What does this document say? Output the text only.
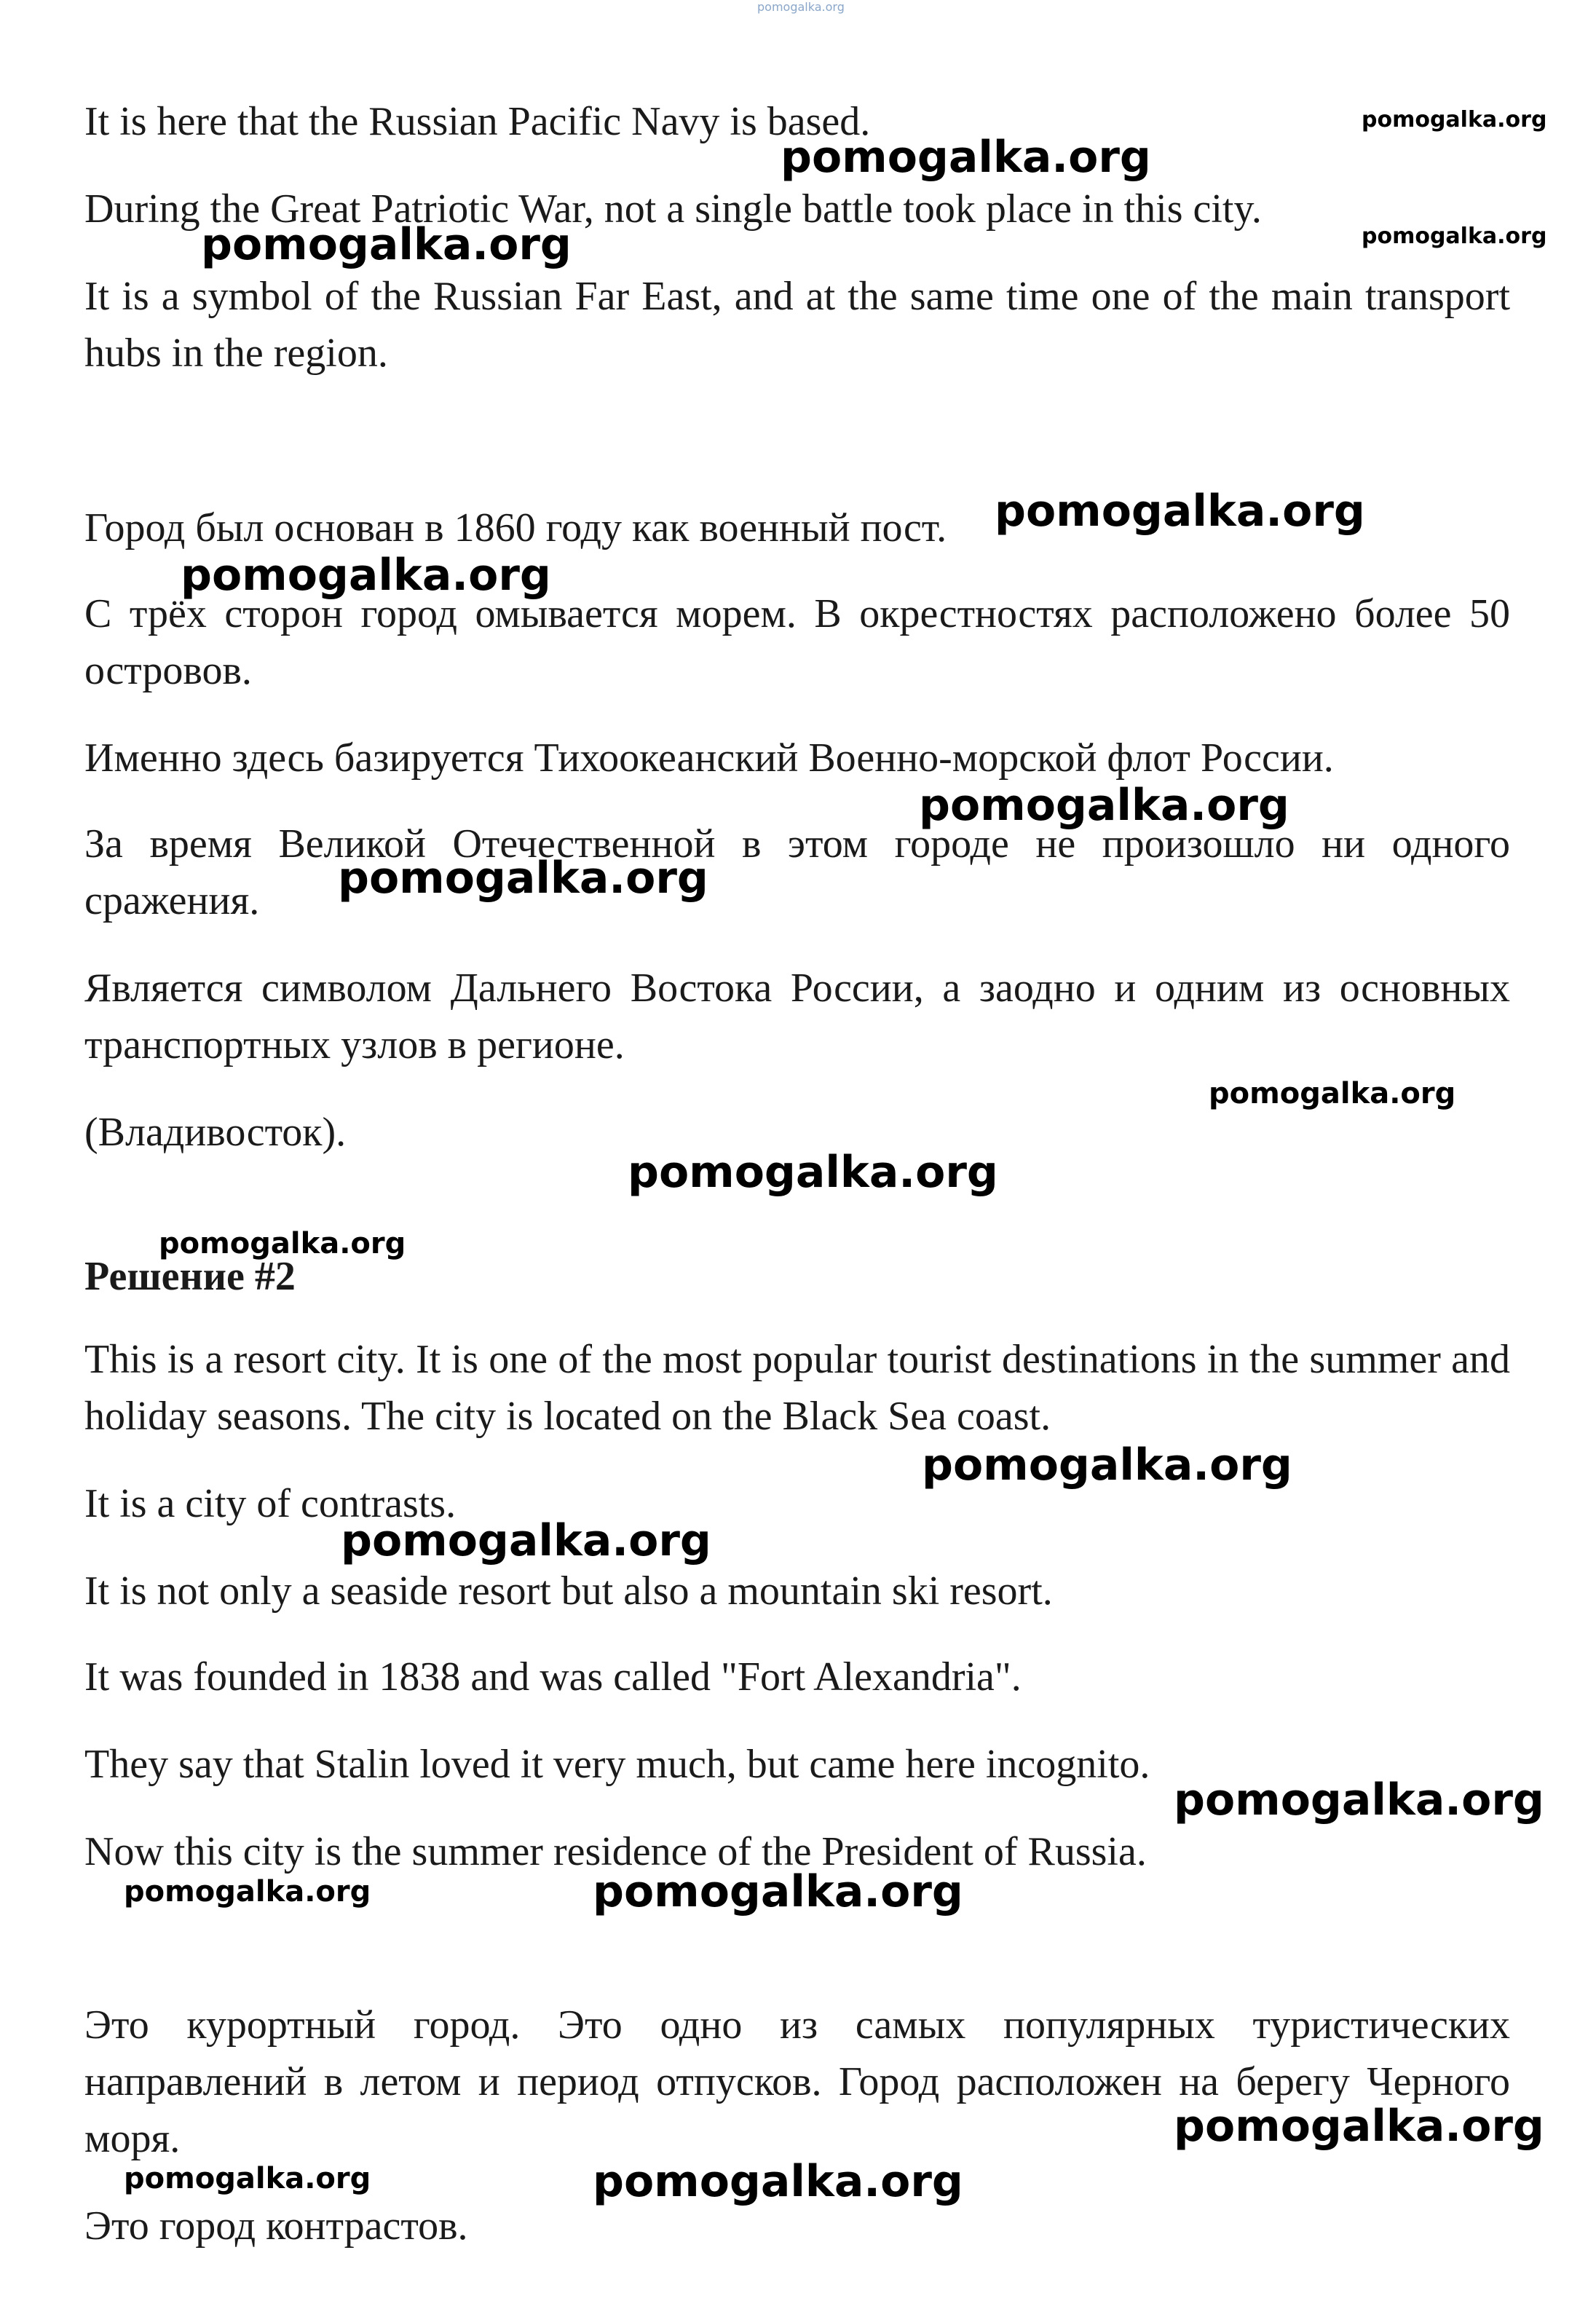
pomogalka.org

It is here that the Russian Pacific Navy is based.

During the Great Patriotic War, not a single battle took place in this city.

It is a symbol of the Russian Far East, and at the same time one of the main transport hubs in the region.

Город был основан в 1860 году как военный пост.

С трёх сторон город омывается морем. В окрестностях расположено более 50 островов.

Именно здесь базируется Тихоокеанский Военно-морской флот России.

За время Великой Отечественной в этом городе не произошло ни одного сражения.

Является символом Дальнего Востока России, а заодно и одним из основных транспортных узлов в регионе.

(Владивосток).

Решение #2

This is a resort city. It is one of the most popular tourist destinations in the summer and holiday seasons. The city is located on the Black Sea coast.

It is a city of contrasts.

It is not only a seaside resort but also a mountain ski resort.

It was founded in 1838 and was called "Fort Alexandria".

They say that Stalin loved it very much, but came here incognito.

Now this city is the summer residence of the President of Russia.

Это курортный город. Это одно из самых популярных туристических направлений в летом и период отпусков. Город расположен на берегу Черного моря.

Это город контрастов.

pomogalka.org
pomogalka.org
pomogalka.org	pomogalka.org
pomogalka.org
pomogalka.org
pomogalka.org
pomogalka.org
pomogalka.org
pomogalka.org
pomogalka.org
pomogalka.org
pomogalka.org
pomogalka.org
pomogalka.org	pomogalka.org
pomogalka.org
pomogalka.org	pomogalka.org
